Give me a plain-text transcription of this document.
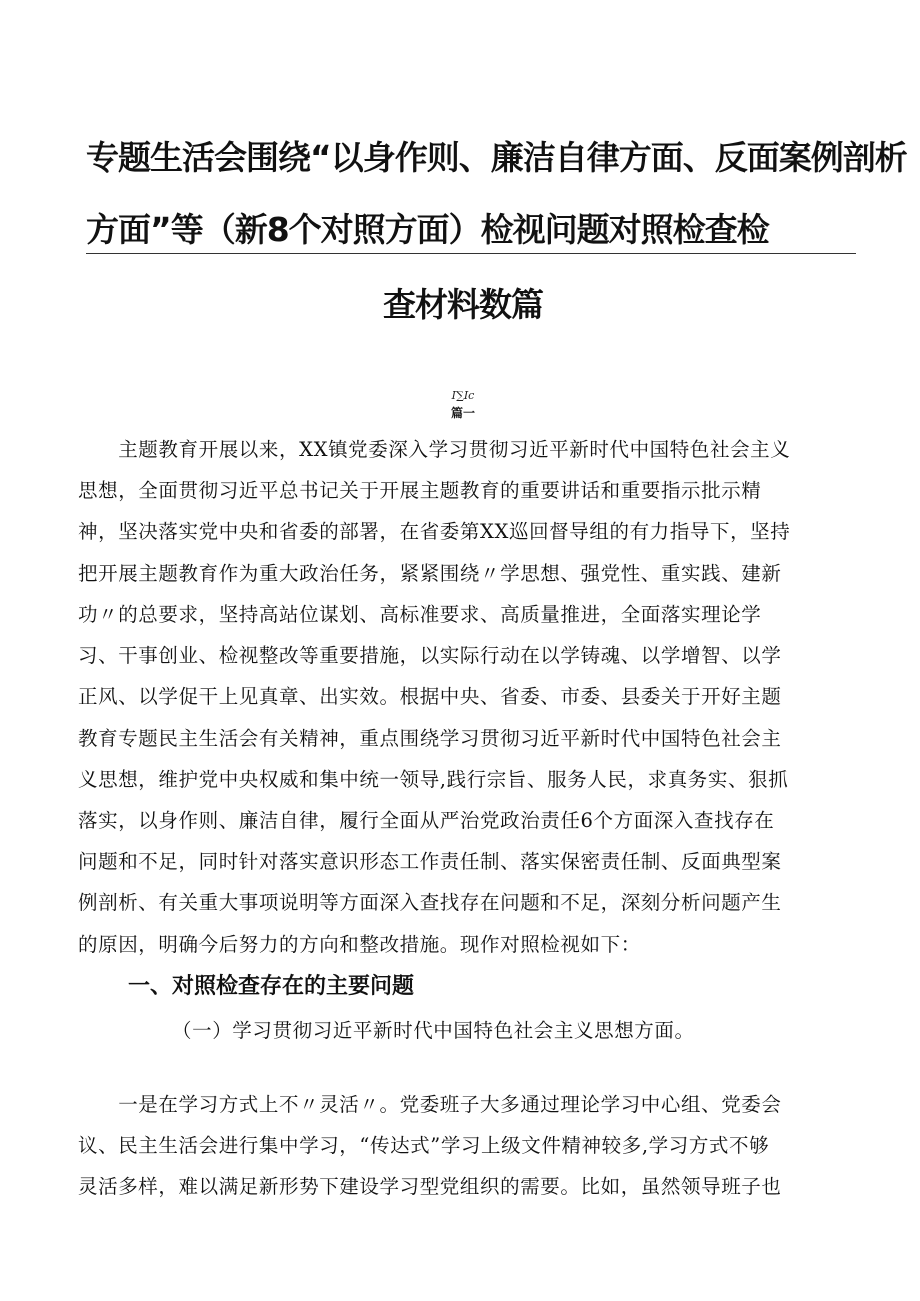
专题生活会围绕“以身作则、廉洁自律方面、反面案例剖析
方面”等（新8个对照方面）检视问题对照检查检
查材料数篇
I∑Ic
篇一
　　主题教育开展以来，XX镇党委深入学习贯彻习近平新时代中国特色社会主义
思想，全面贯彻习近平总书记关于开展主题教育的重要讲话和重要指示批示精
神，坚决落实党中央和省委的部署，在省委第XX巡回督导组的有力指导下，坚持
把开展主题教育作为重大政治任务，紧紧围绕〃学思想、强党性、重实践、建新
功〃的总要求，坚持高站位谋划、高标准要求、高质量推进，全面落实理论学
习、干事创业、检视整改等重要措施，以实际行动在以学铸魂、以学增智、以学
正风、以学促干上见真章、出实效。根据中央、省委、市委、县委关于开好主题
教育专题民主生活会有关精神，重点围绕学习贯彻习近平新时代中国特色社会主
义思想，维护党中央权威和集中统一领导,践行宗旨、服务人民，求真务实、狠抓
落实，以身作则、廉洁自律，履行全面从严治党政治责任6个方面深入查找存在
问题和不足，同时针对落实意识形态工作责任制、落实保密责任制、反面典型案
例剖析、有关重大事项说明等方面深入查找存在问题和不足，深刻分析问题产生
的原因，明确今后努力的方向和整改措施。现作对照检视如下：
一、对照检查存在的主要问题
（一）学习贯彻习近平新时代中国特色社会主义思想方面。
　　一是在学习方式上不〃灵活〃。党委班子大多通过理论学习中心组、党委会
议、民主生活会进行集中学习，“传达式”学习上级文件精神较多,学习方式不够
灵活多样，难以满足新形势下建设学习型党组织的需要。比如，虽然领导班子也
